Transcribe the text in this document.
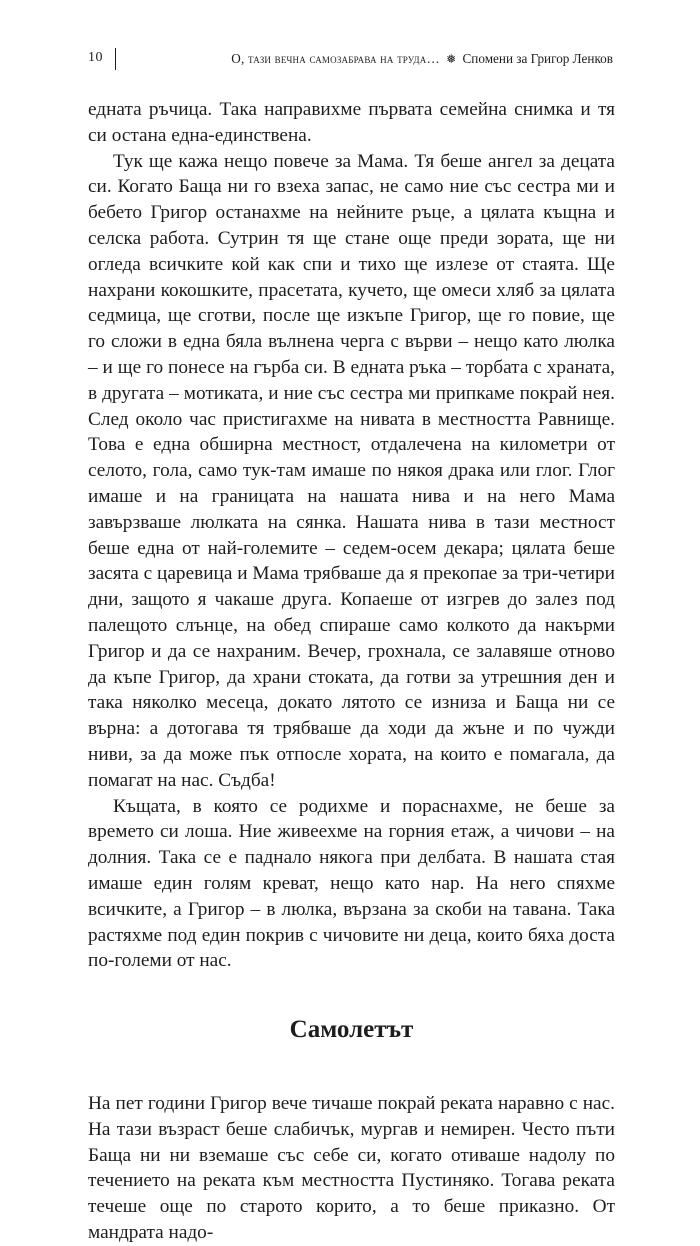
10	О, тази вечна самозабрава на труда… ❅ Спомени за Григор Ленков

едната ръчица. Така направихме първата семейна снимка и тя си остана една-единствена.

Тук ще кажа нещо повече за Мама. Тя беше ангел за децата си. Когато Баща ни го взеха запас, не само ние със сестра ми и бебето Григор останахме на нейните ръце, а цялата къщна и селска работа. Сутрин тя ще стане още преди зората, ще ни огледа всичките кой как спи и тихо ще излезе от стаята. Ще нахрани кокошките, прасетата, кучето, ще омеси хляб за цялата седмица, ще сготви, после ще изкъпе Григор, ще го повие, ще го сложи в една бяла вълнена черга с върви – нещо като люлка – и ще го понесе на гърба си. В едната ръка – торбата с храната, в другата – мотиката, и ние със сестра ми припкаме покрай нея. След около час пристигахме на нивата в местността Равнище. Това е една обширна местност, отдалечена на километри от селото, гола, само тук-там имаше по някоя драка или глог. Глог имаше и на границата на нашата нива и на него Мама завързваше люлката на сянка. Нашата нива в тази местност беше една от най-големите – седем-осем декара; цялата беше засята с царевица и Мама трябваше да я прекопае за три-четири дни, защото я чакаше друга. Копаеше от изгрев до залез под палещото слънце, на обед спираше само колкото да накърми Григор и да се нахраним. Вечер, грохнала, се залавяше отново да къпе Григор, да храни стоката, да готви за утрешния ден и така няколко месеца, докато лятото се изниза и Баща ни се върна: а дотогава тя трябваше да ходи да жъне и по чужди ниви, за да може пък отпосле хората, на които е помагала, да помагат на нас. Съдба!

Къщата, в която се родихме и пораснахме, не беше за времето си лоша. Ние живеехме на горния етаж, а чичови – на долния. Така се е паднало някога при делбата. В нашата стая имаше един голям креват, нещо като нар. На него спяхме всичките, а Григор – в люлка, вързана за скоби на тавана. Така растяхме под един покрив с чичовите ни деца, които бяха доста по-големи от нас.

Самолетът

На пет години Григор вече тичаше покрай реката наравно с нас. На тази възраст беше слабичък, мургав и немирен. Често пъти Баща ни ни вземаше със себе си, когато отиваше надолу по течението на реката към местността Пустиняко. Тогава реката течеше още по старото корито, а то беше приказно. От мандрата надо-
